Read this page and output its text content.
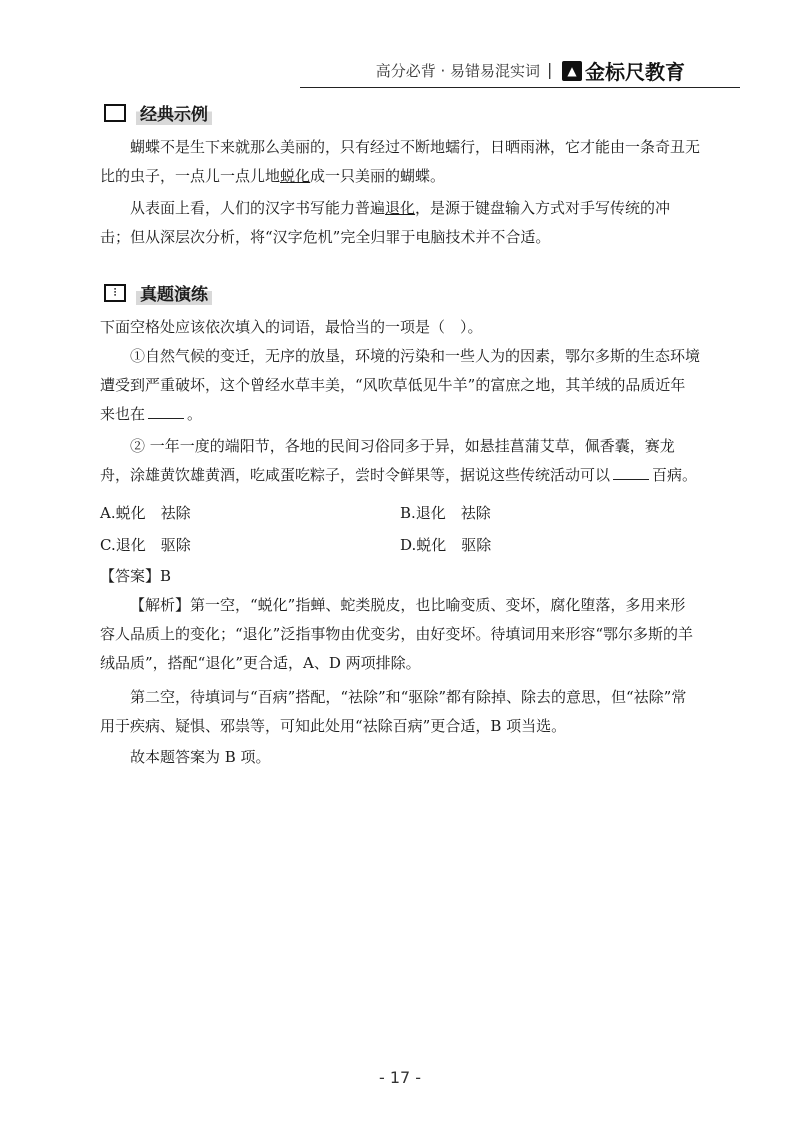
高分必背 · 易错易混实词 |	▲ 金标尺教育
经典示例
蝴蝶不是生下来就那么美丽的，只有经过不断地蠕行，日晒雨淋，它才能由一条奇丑无比的虫子，一点儿一点儿地蜕化成一只美丽的蝴蝶。
从表面上看，人们的汉字书写能力普遍退化，是源于键盘输入方式对手写传统的冲击；但从深层次分析，将“汉字危机”完全归罪于电脑技术并不合适。
⫶	真题演练
下面空格处应该依次填入的词语，最恰当的一项是（　）。
①自然气候的变迁，无序的放垦，环境的污染和一些人为的因素，鄂尔多斯的生态环境遭受到严重破坏，这个曾经水草丰美，“风吹草低见牛羊”的富庶之地，其羊绒的品质近年来也在	。
② 一年一度的端阳节，各地的民间习俗同多于异，如悬挂菖蒲艾草，佩香囊，赛龙舟，涂雄黄饮雄黄酒，吃咸蛋吃粽子，尝时令鲜果等，据说这些传统活动可以	百病。
A.蜕化　祛除	B.退化　祛除
C.退化　驱除	D.蜕化　驱除
【答案】B
【解析】第一空，“蜕化”指蝉、蛇类脱皮，也比喻变质、变坏，腐化堕落，多用来形容人品质上的变化；“退化”泛指事物由优变劣，由好变坏。待填词用来形容“鄂尔多斯的羊绒品质”，搭配“退化”更合适，A、D 两项排除。
第二空，待填词与“百病”搭配，“祛除”和“驱除”都有除掉、除去的意思，但“祛除”常用于疾病、疑惧、邪祟等，可知此处用“祛除百病”更合适，B 项当选。
故本题答案为 B 项。
- 17 -
